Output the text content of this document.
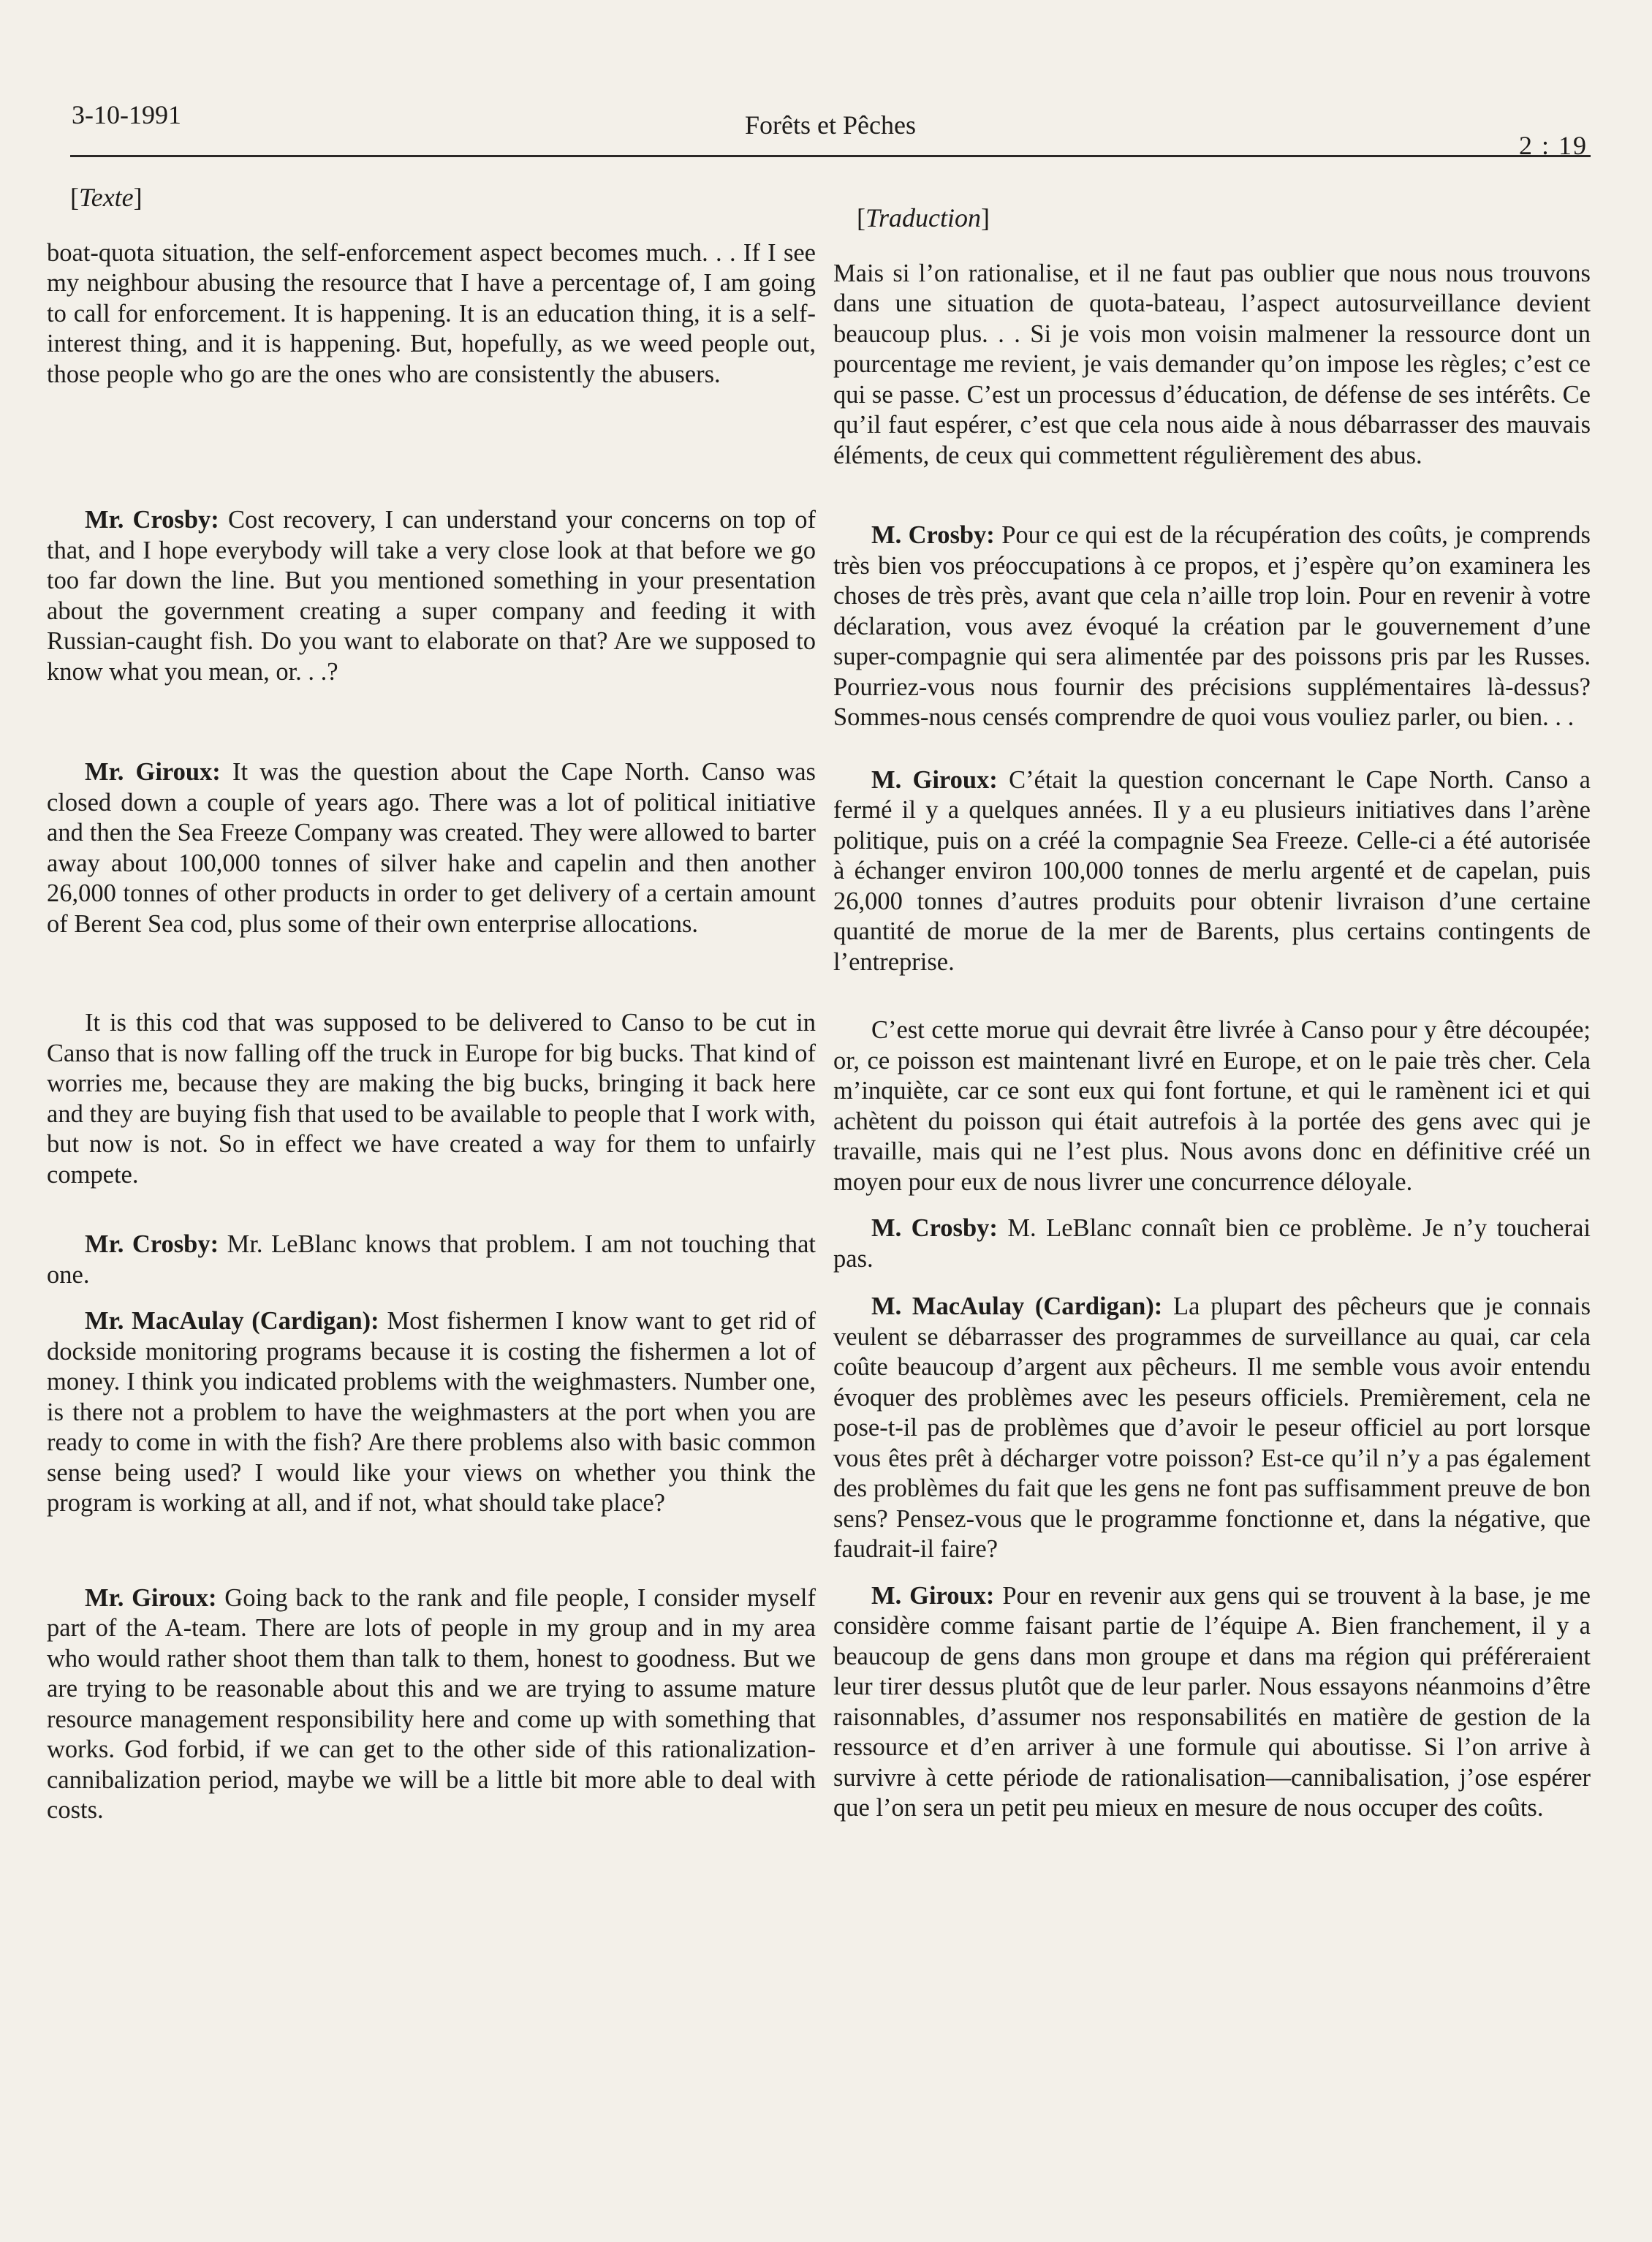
3-10-1991	Forêts et Pêches
2 : 19
[Texte]

boat-quota situation, the self-enforcement aspect becomes much. . . If I see my neighbour abusing the resource that I have a percentage of, I am going to call for enforcement. It is happening. It is an education thing, it is a self-interest thing, and it is happening. But, hopefully, as we weed people out, those people who go are the ones who are consistently the abusers.

Mr. Crosby: Cost recovery, I can understand your concerns on top of that, and I hope everybody will take a very close look at that before we go too far down the line. But you mentioned something in your presentation about the government creating a super company and feeding it with Russian-caught fish. Do you want to elaborate on that? Are we supposed to know what you mean, or. . .?

Mr. Giroux: It was the question about the Cape North. Canso was closed down a couple of years ago. There was a lot of political initiative and then the Sea Freeze Company was created. They were allowed to barter away about 100,000 tonnes of silver hake and capelin and then another 26,000 tonnes of other products in order to get delivery of a certain amount of Berent Sea cod, plus some of their own enterprise allocations.

It is this cod that was supposed to be delivered to Canso to be cut in Canso that is now falling off the truck in Europe for big bucks. That kind of worries me, because they are making the big bucks, bringing it back here and they are buying fish that used to be available to people that I work with, but now is not. So in effect we have created a way for them to unfairly compete.

Mr. Crosby: Mr. LeBlanc knows that problem. I am not touching that one.

Mr. MacAulay (Cardigan): Most fishermen I know want to get rid of dockside monitoring programs because it is costing the fishermen a lot of money. I think you indicated problems with the weighmasters. Number one, is there not a problem to have the weighmasters at the port when you are ready to come in with the fish? Are there problems also with basic common sense being used? I would like your views on whether you think the program is working at all, and if not, what should take place?

Mr. Giroux: Going back to the rank and file people, I consider myself part of the A-team. There are lots of people in my group and in my area who would rather shoot them than talk to them, honest to goodness. But we are trying to be reasonable about this and we are trying to assume mature resource management responsibility here and come up with something that works. God forbid, if we can get to the other side of this rationalization-cannibalization period, maybe we will be a little bit more able to deal with costs.

[Traduction]

Mais si l’on rationalise, et il ne faut pas oublier que nous nous trouvons dans une situation de quota-bateau, l’aspect autosurveillance devient beaucoup plus. . . Si je vois mon voisin malmener la ressource dont un pourcentage me revient, je vais demander qu’on impose les règles; c’est ce qui se passe. C’est un processus d’éducation, de défense de ses intérêts. Ce qu’il faut espérer, c’est que cela nous aide à nous débarrasser des mauvais éléments, de ceux qui commettent régulièrement des abus.

M. Crosby: Pour ce qui est de la récupération des coûts, je comprends très bien vos préoccupations à ce propos, et j’espère qu’on examinera les choses de très près, avant que cela n’aille trop loin. Pour en revenir à votre déclaration, vous avez évoqué la création par le gouvernement d’une super-compagnie qui sera alimentée par des poissons pris par les Russes. Pourriez-vous nous fournir des précisions supplémentaires là-dessus? Sommes-nous censés comprendre de quoi vous vouliez parler, ou bien. . .

M. Giroux: C’était la question concernant le Cape North. Canso a fermé il y a quelques années. Il y a eu plusieurs initiatives dans l’arène politique, puis on a créé la compagnie Sea Freeze. Celle-ci a été autorisée à échanger environ 100,000 tonnes de merlu argenté et de capelan, puis 26,000 tonnes d’autres produits pour obtenir livraison d’une certaine quantité de morue de la mer de Barents, plus certains contingents de l’entreprise.

C’est cette morue qui devrait être livrée à Canso pour y être découpée; or, ce poisson est maintenant livré en Europe, et on le paie très cher. Cela m’inquiète, car ce sont eux qui font fortune, et qui le ramènent ici et qui achètent du poisson qui était autrefois à la portée des gens avec qui je travaille, mais qui ne l’est plus. Nous avons donc en définitive créé un moyen pour eux de nous livrer une concurrence déloyale.

M. Crosby: M. LeBlanc connaît bien ce problème. Je n’y toucherai pas.

M. MacAulay (Cardigan): La plupart des pêcheurs que je connais veulent se débarrasser des programmes de surveillance au quai, car cela coûte beaucoup d’argent aux pêcheurs. Il me semble vous avoir entendu évoquer des problèmes avec les peseurs officiels. Premièrement, cela ne pose-t-il pas de problèmes que d’avoir le peseur officiel au port lorsque vous êtes prêt à décharger votre poisson? Est-ce qu’il n’y a pas également des problèmes du fait que les gens ne font pas suffisamment preuve de bon sens? Pensez-vous que le programme fonctionne et, dans la négative, que faudrait-il faire?

M. Giroux: Pour en revenir aux gens qui se trouvent à la base, je me considère comme faisant partie de l’équipe A. Bien franchement, il y a beaucoup de gens dans mon groupe et dans ma région qui préféreraient leur tirer dessus plutôt que de leur parler. Nous essayons néanmoins d’être raisonnables, d’assumer nos responsabilités en matière de gestion de la ressource et d’en arriver à une formule qui aboutisse. Si l’on arrive à survivre à cette période de rationalisation—cannibalisation, j’ose espérer que l’on sera un petit peu mieux en mesure de nous occuper des coûts.
